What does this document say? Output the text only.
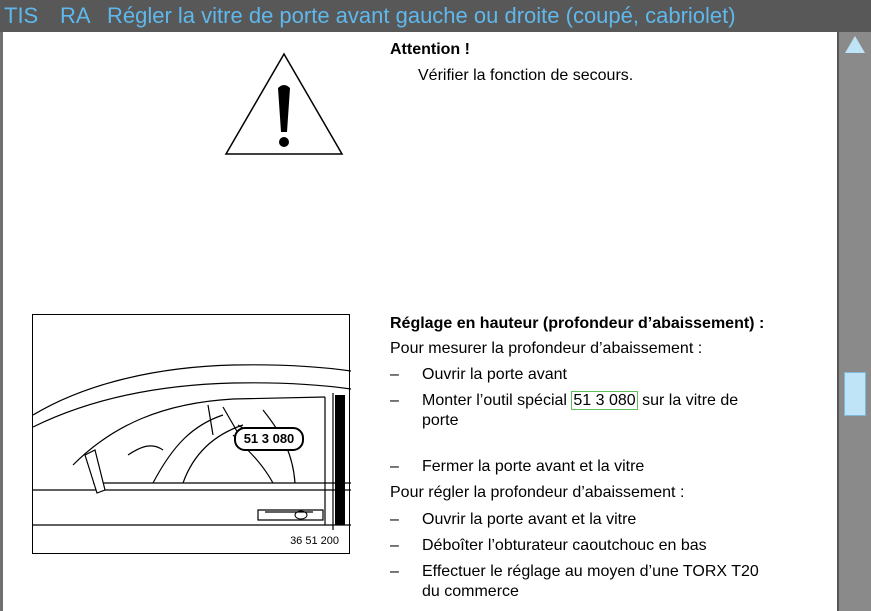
TIS RA Régler la vitre de porte avant gauche ou droite (coupé, cabriolet)
Attention !
Vérifier la fonction de secours.
36 51 200
51 3 080
Réglage en hauteur (profondeur d’abaissement) :
Pour mesurer la profondeur d’abaissement :
– Ouvrir la porte avant
– Monter l’outil spécial 51 3 080 sur la vitre de
porte
– Fermer la porte avant et la vitre
Pour régler la profondeur d’abaissement :
– Ouvrir la porte avant et la vitre
– Déboîter l’obturateur caoutchouc en bas
– Effectuer le réglage au moyen d’une TORX T20
du commerce
